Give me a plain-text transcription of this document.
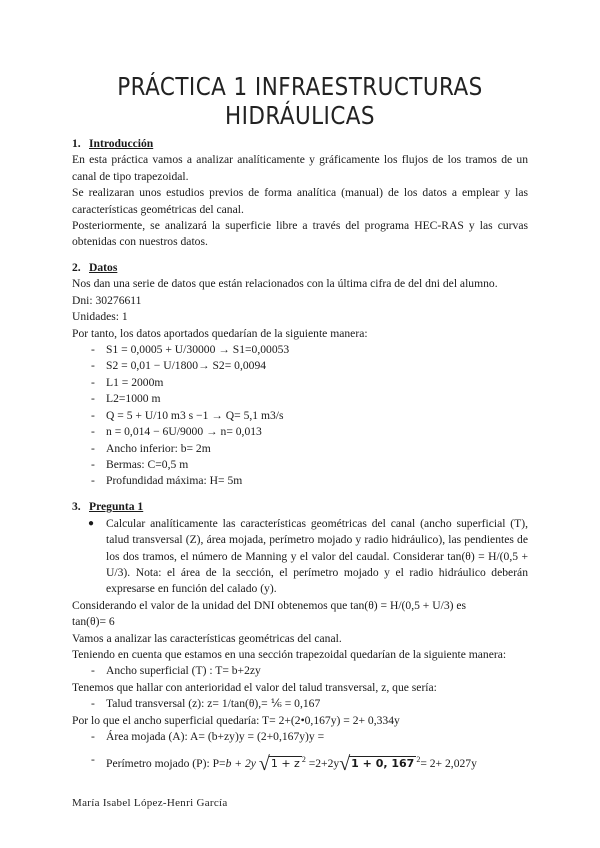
PRÁCTICA 1 INFRAESTRUCTURAS HIDRÁULICAS

1. Introducción

En esta práctica vamos a analizar analíticamente y gráficamente los flujos de los tramos de un canal de tipo trapezoidal.

Se realizaran unos estudios previos de forma analítica (manual) de los datos a emplear y las características geométricas del canal.

Posteriormente, se analizará la superficie libre a través del programa HEC-RAS y las curvas obtenidas con nuestros datos.

2. Datos

Nos dan una serie de datos que están relacionados con la última cifra de del dni del alumno.

Dni: 30276611

Unidades: 1

Por tanto, los datos aportados quedarían de la siguiente manera:

- S1 = 0,0005 + U/30000 → S1=0,00053
- S2 = 0,01 − U/1800→ S2= 0,0094
- L1 = 2000m
- L2=1000 m
- Q = 5 + U/10 m3 s −1 → Q= 5,1 m3/s
- n = 0,014 − 6U/9000 → n= 0,013
- Ancho inferior: b= 2m
- Bermas: C=0,5 m
- Profundidad máxima: H= 5m

3. Pregunta 1

● Calcular analíticamente las características geométricas del canal (ancho superficial (T), talud transversal (Z), área mojada, perímetro mojado y radio hidráulico), las pendientes de los dos tramos, el número de Manning y el valor del caudal. Considerar tan(θ) = H/(0,5 + U/3). Nota: el área de la sección, el perímetro mojado y el radio hidráulico deberán expresarse en función del calado (y).

Considerando el valor de la unidad del DNI obtenemos que tan(θ) = H/(0,5 + U/3) es

tan(θ)= 6

Vamos a analizar las características geométricas del canal.

Teniendo en cuenta que estamos en una sección trapezoidal quedarían de la siguiente manera:

- Ancho superficial (T) : T= b+2zy

Tenemos que hallar con anterioridad el valor del talud transversal, z, que sería:

- Talud transversal (z): z= 1/tan(θ),= ⅙ = 0,167

Por lo que el ancho superficial quedaría: T= 2+(2•0,167y) = 2+ 0,334y

- Área mojada (A): A= (b+zy)y = (2+0,167y)y =
- Perímetro mojado (P): P=b + 2y √1 + z $^2$ =2+2y√1 + 0, 167 $^2$= 2+ 2,027y
María Isabel López-Henri García
